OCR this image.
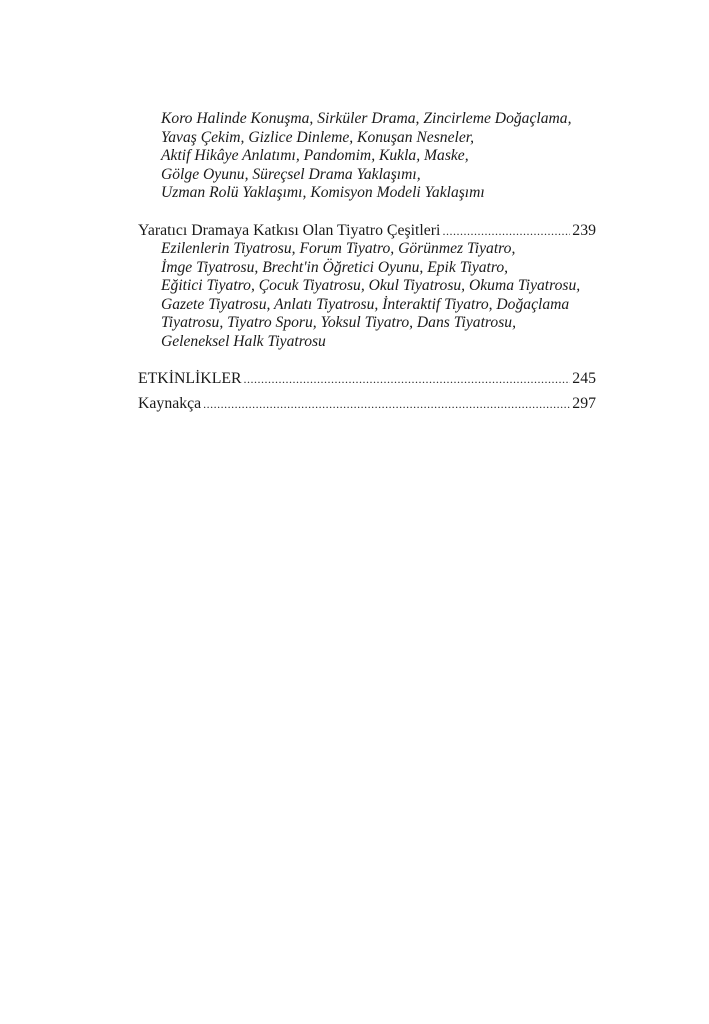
Koro Halinde Konuşma, Sirküler Drama, Zincirleme Doğaçlama,
Yavaş Çekim, Gizlice Dinleme, Konuşan Nesneler,
Aktif Hikâye Anlatımı, Pandomim, Kukla, Maske,
Gölge Oyunu, Süreçsel Drama Yaklaşımı,
Uzman Rolü Yaklaşımı, Komisyon Modeli Yaklaşımı
Yaratıcı Dramaya Katkısı Olan Tiyatro Çeşitleri .....	239
Ezilenlerin Tiyatrosu, Forum Tiyatro, Görünmez Tiyatro,
İmge Tiyatrosu, Brecht'in Öğretici Oyunu, Epik Tiyatro,
Eğitici Tiyatro, Çocuk Tiyatrosu, Okul Tiyatrosu, Okuma Tiyatrosu,
Gazete Tiyatrosu, Anlatı Tiyatrosu, İnteraktif Tiyatro, Doğaçlama
Tiyatrosu, Tiyatro Sporu, Yoksul Tiyatro, Dans Tiyatrosu,
Geleneksel Halk Tiyatrosu
ETKİNLİKLER .....	245
Kaynakça .....	297
